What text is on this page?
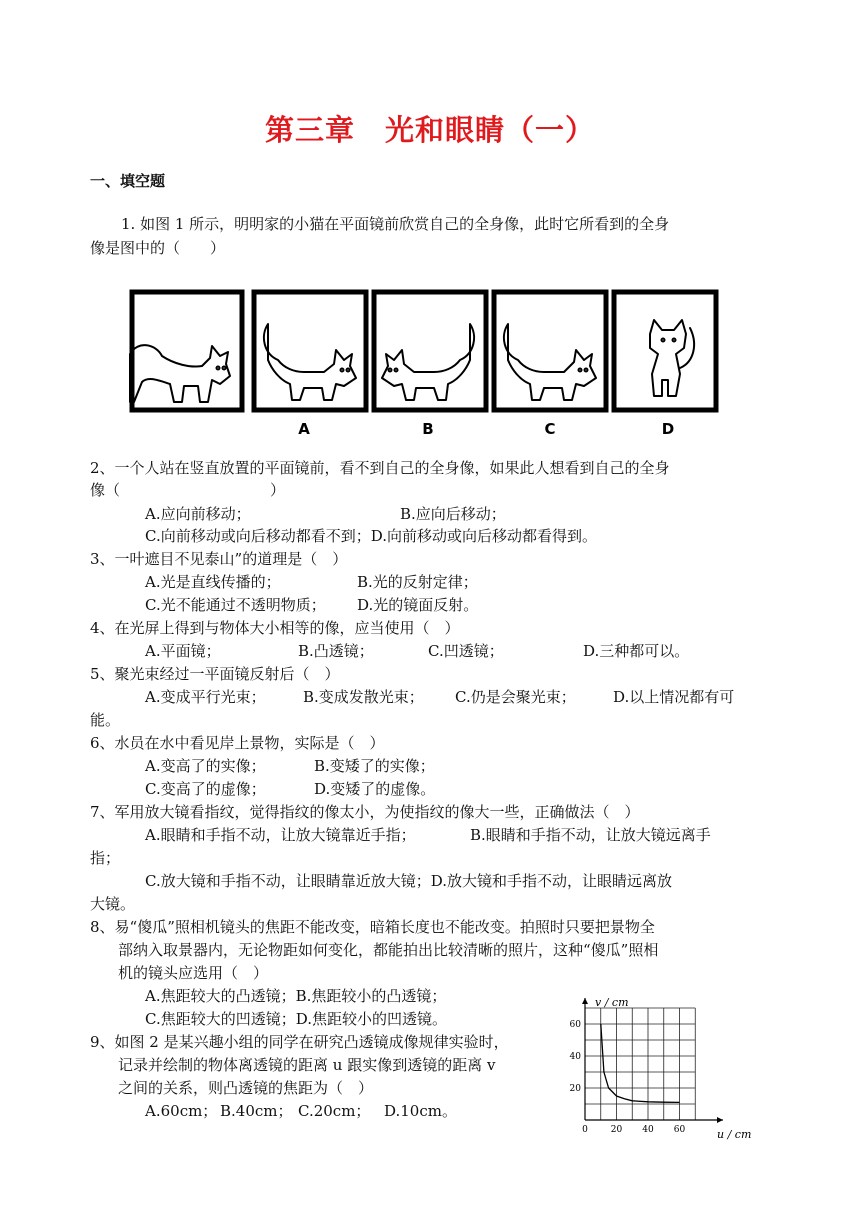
第三章　光和眼睛（一）
一、填空题
1. 如图 1 所示，明明家的小猫在平面镜前欣赏自己的全身像，此时它所看到的全身
像是图中的（　　）
A	B	C	D
2、一个人站在竖直放置的平面镜前，看不到自己的全身像，如果此人想看到自己的全身
像（　　　　　　　　　　）
A.应向前移动；	B.应向后移动；
C.向前移动或向后移动都看不到；D.向前移动或向后移动都看得到。
3、一叶遮目不见泰山”的道理是（　）
A.光是直线传播的；	B.光的反射定律；
C.光不能通过不透明物质； D.光的镜面反射。
4、在光屏上得到与物体大小相等的像，应当使用（　）
A.平面镜；	B.凸透镜；	C.凹透镜；	D.三种都可以。
5、聚光束经过一平面镜反射后（　）
A.变成平行光束； B.变成发散光束； C.仍是会聚光束； D.以上情况都有可
能。
6、水员在水中看见岸上景物，实际是（　）
A.变高了的实像；	B.变矮了的实像；
C.变高了的虚像；	D.变矮了的虚像。
7、军用放大镜看指纹，觉得指纹的像太小，为使指纹的像大一些，正确做法（　）
A.眼睛和手指不动，让放大镜靠近手指；	B.眼睛和手指不动，让放大镜远离手
指；
C.放大镜和手指不动，让眼睛靠近放大镜；D.放大镜和手指不动，让眼睛远离放
大镜。
8、易“傻瓜”照相机镜头的焦距不能改变，暗箱长度也不能改变。拍照时只要把景物全
部纳入取景器内，无论物距如何变化，都能拍出比较清晰的照片，这种“傻瓜”照相
机的镜头应选用（　）
A.焦距较大的凸透镜；B.焦距较小的凸透镜；
C.焦距较大的凹透镜；D.焦距较小的凹透镜。
9、如图 2 是某兴趣小组的同学在研究凸透镜成像规律实验时，
记录并绘制的物体离透镜的距离 u 跟实像到透镜的距离 v
之间的关系，则凸透镜的焦距为（　）
A.60cm； B.40cm； C.20cm； D.10cm。
0	20 40 60
20
40
60
u / cm
v / cm
